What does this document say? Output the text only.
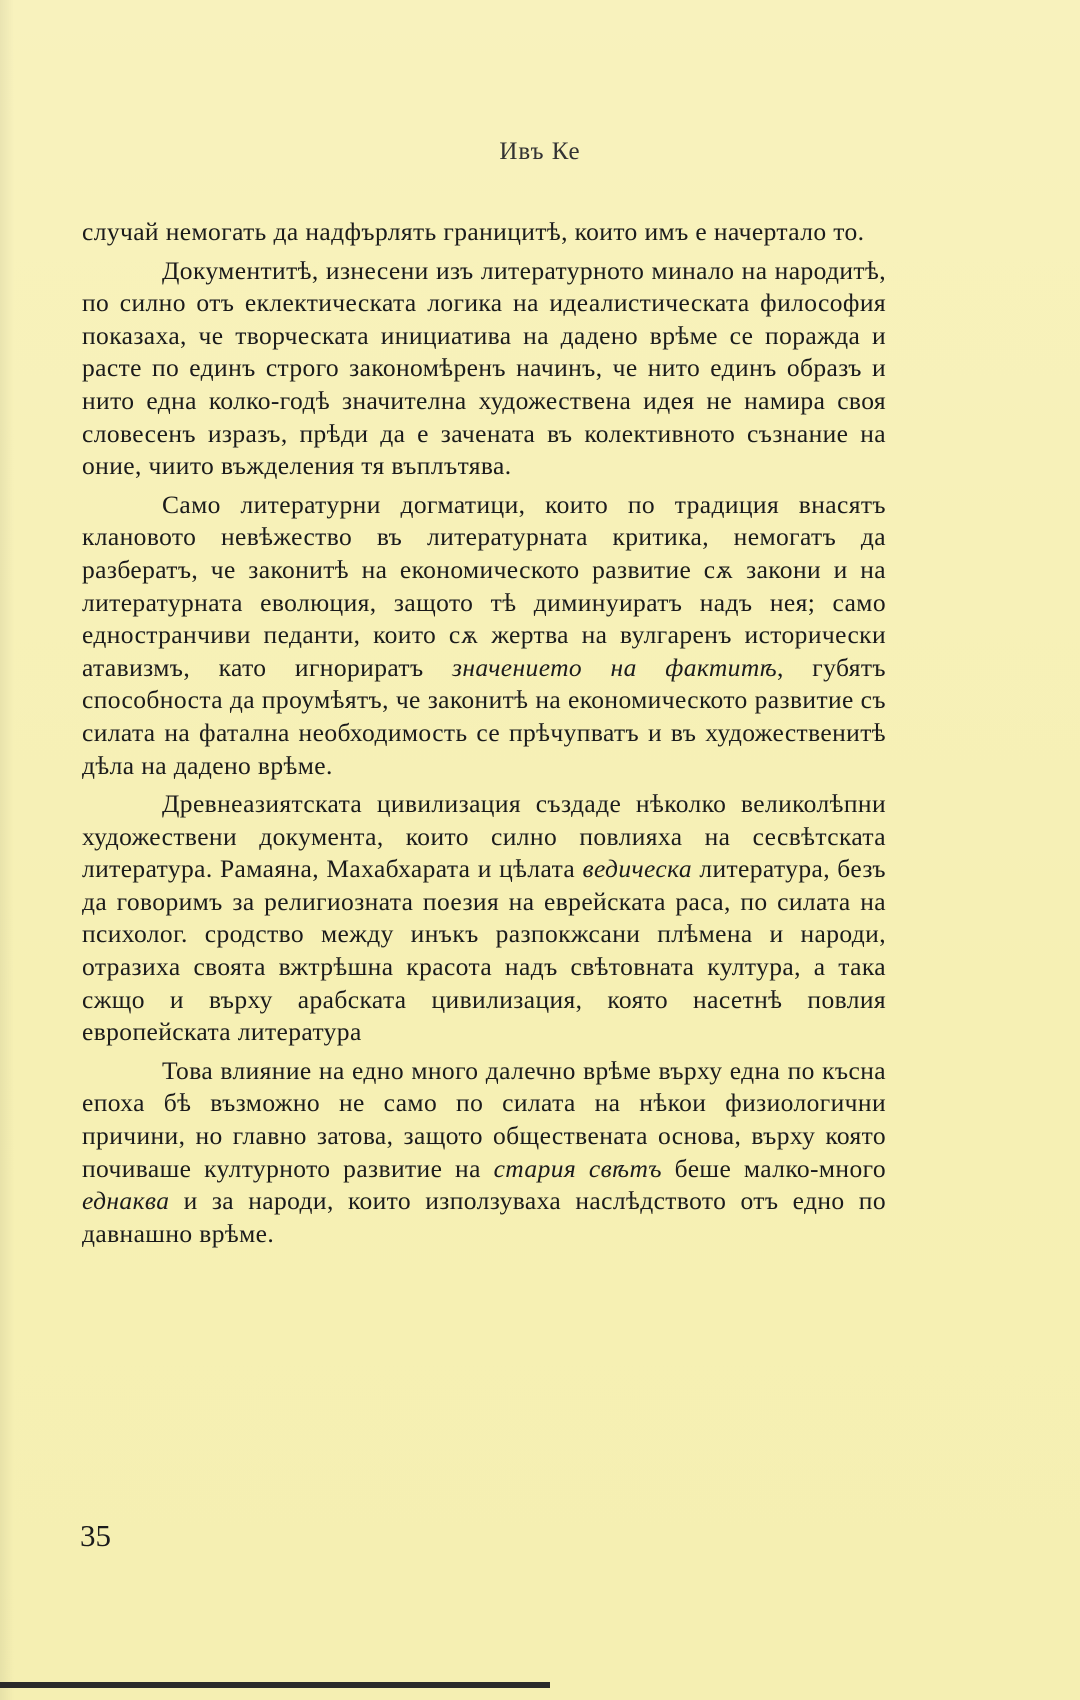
Ивъ Ке

случай немогать да надфърлять границитѣ, които имъ е начертало то.

Документитѣ, изнесени изъ литературното минало на народитѣ, по силно отъ еклектическата логика на идеалистическата философия показаха, че творческата инициатива на дадено врѣме се поражда и расте по единъ строго закономѣренъ начинъ, че нито единъ образъ и нито една колко-годѣ значителна художествена идея не намира своя словесенъ изразъ, прѣди да е заченатa въ колективното съзнание на оние, чиито въжделения тя въплътява.

Само литературни догматици, които по традиция внасятъ клановото невѣжество въ литературната критика, немогатъ да разбератъ, че законитѣ на економическото развитие сѫ закони и на литературната еволюция, защото тѣ диминуиратъ надъ нея; само едностранчиви педанти, които сѫ жертва на вулгаренъ исторически атавизмъ, като игнориратъ значението на фактитѣ, губятъ способноста да проумѣятъ, че законитѣ на економическото развитие съ силата на фатална необходимость се прѣчупватъ и въ художественитѣ дѣла на дадено врѣме.

Древнеазиятската цивилизация създаде нѣколко великолѣпни художествени документа, които силно повлияха на сесвѣтската литература. Рамаяна, Махабхарата и цѣлата ведическа литература, безъ да говоримъ за религиозната поезия на еврейската раса, по силата на психолог. сродство между инъкъ разпокжсани плѣмена и народи, отразиха своята вжтрѣшна красота надъ свѣтовната култура, а така сжщо и върху арабската цивилизация, която насетнѣ повлия европейската литература

Това влияние на едно много далечно врѣме върху една по късна епоха бѣ възможно не само по силата на нѣкои физиологични причини, но главно затова, защото обществената основа, върху която почиваше културното развитие на стария свѣтъ беше малко-много еднаква и за народи, които използуваха наслѣдството отъ едно по давнашно врѣме.

35
